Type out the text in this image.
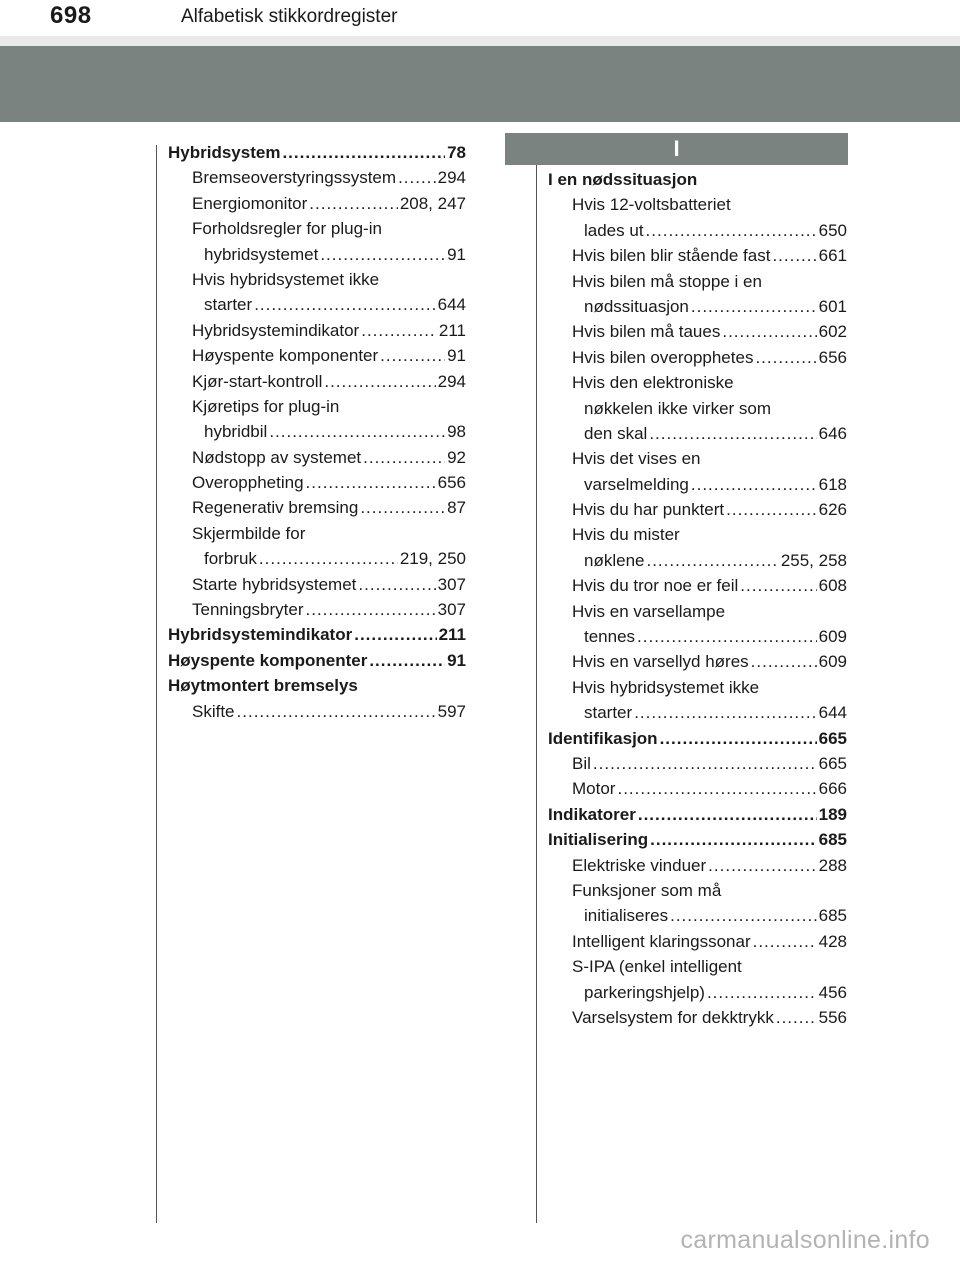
698	Alfabetisk stikkordregister
Hybridsystem .....	78
Bremseoverstyringssystem ..... 294
Energiomonitor .....	208, 247
Forholdsregler for plug-in
hybridsystemet .....	91
Hvis hybridsystemet ikke
starter .....	644
Hybridsystemindikator .....	211
Høyspente komponenter .....	91
Kjør-start-kontroll .....	294
Kjøretips for plug-in
hybridbil .....	98
Nødstopp av systemet .....	92
Overoppheting .....	656
Regenerativ bremsing .....	87
Skjermbilde for
forbruk .....	219, 250
Starte hybridsystemet .....	307
Tenningsbryter .....	307
Hybridsystemindikator .....	211
Høyspente komponenter .....	91
Høytmontert bremselys
Skifte .....	597
I
I en nødssituasjon
Hvis 12-voltsbatteriet
lades ut .....	650
Hvis bilen blir stående fast .....	661
Hvis bilen må stoppe i en
nødssituasjon .....	601
Hvis bilen må taues .....	602
Hvis bilen overopphetes .....	656
Hvis den elektroniske
nøkkelen ikke virker som
den skal .....	646
Hvis det vises en
varselmelding .....	618
Hvis du har punktert .....	626
Hvis du mister
nøklene .....	255, 258
Hvis du tror noe er feil .....	608
Hvis en varsellampe
tennes .....	609
Hvis en varsellyd høres .....	609
Hvis hybridsystemet ikke
starter .....	644
Identifikasjon .....	665
Bil .....	665
Motor .....	666
Indikatorer .....	189
Initialisering .....	685
Elektriske vinduer .....	288
Funksjoner som må
initialiseres .....	685
Intelligent klaringssonar .....	428
S-IPA (enkel intelligent
parkeringshjelp) .....	456
Varselsystem for dekktrykk .....	556
carmanualsonline.info
